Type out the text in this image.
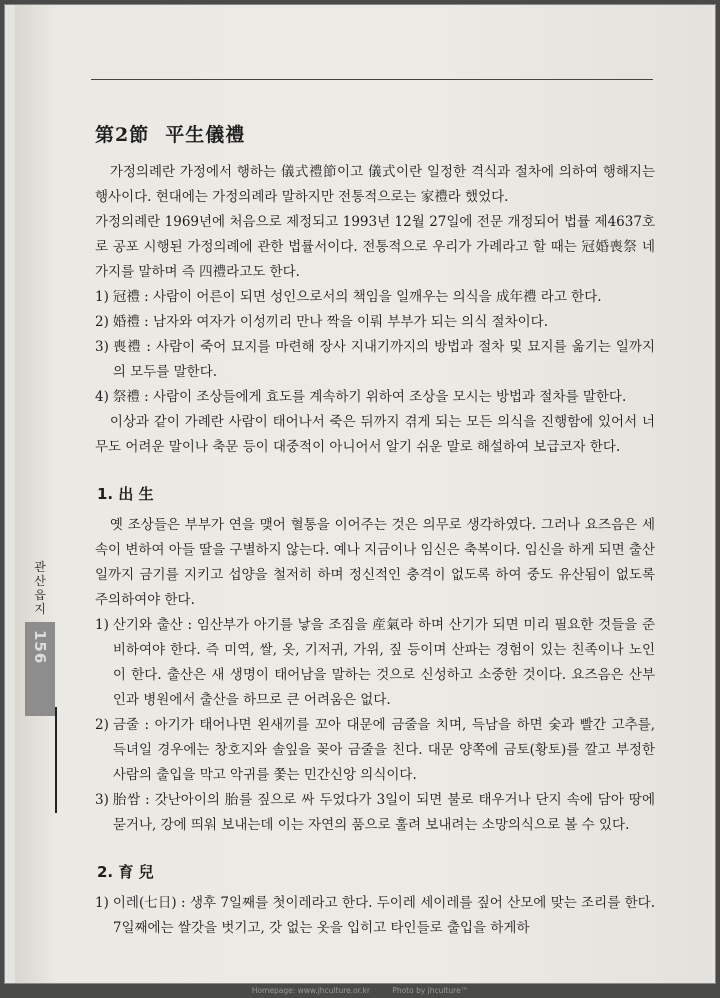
第2節 平生儀禮

가정의례란 가정에서 행하는 儀式禮節이고 儀式이란 일정한 격식과 절차에 의하여 행해지는 행사이다. 현대에는 가정의례라 말하지만 전통적으로는 家禮라 했었다.

가정의례란 1969년에 처음으로 제정되고 1993년 12월 27일에 전문 개정되어 법률 제4637호로 공포 시행된 가정의례에 관한 법률서이다. 전통적으로 우리가 가례라고 할 때는 冠婚喪祭 네 가지를 말하며 즉 四禮라고도 한다.

1) 冠禮 : 사람이 어른이 되면 성인으로서의 책임을 일깨우는 의식을 成年禮 라고 한다.
2) 婚禮 : 남자와 여자가 이성끼리 만나 짝을 이뤄 부부가 되는 의식 절차이다.
3) 喪禮 : 사람이 죽어 묘지를 마련해 장사 지내기까지의 방법과 절차 및 묘지를 옮기는 일까지의 모두를 말한다.
4) 祭禮 : 사람이 조상들에게 효도를 계속하기 위하여 조상을 모시는 방법과 절차를 말한다.

이상과 같이 가례란 사람이 태어나서 죽은 뒤까지 겪게 되는 모든 의식을 진행함에 있어서 너무도 어려운 말이나 축문 등이 대중적이 아니어서 알기 쉬운 말로 해설하여 보급코자 한다.

1. 出 生

옛 조상들은 부부가 연을 맺어 혈통을 이어주는 것은 의무로 생각하였다. 그러나 요즈음은 세속이 변하여 아들 딸을 구별하지 않는다. 예나 지금이나 임신은 축복이다. 임신을 하게 되면 출산일까지 금기를 지키고 섭양을 철저히 하며 정신적인 충격이 없도록 하여 중도 유산됨이 없도록 주의하여야 한다.

1) 산기와 출산 : 임산부가 아기를 낳을 조짐을 産氣라 하며 산기가 되면 미리 필요한 것들을 준비하여야 한다. 즉 미역, 쌀, 옷, 기저귀, 가위, 짚 등이며 산파는 경험이 있는 친족이나 노인이 한다. 출산은 새 생명이 태어남을 말하는 것으로 신성하고 소중한 것이다. 요즈음은 산부인과 병원에서 출산을 하므로 큰 어려움은 없다.
2) 금줄 : 아기가 태어나면 왼새끼를 꼬아 대문에 금줄을 치며, 득남을 하면 숯과 빨간 고추를, 득녀일 경우에는 창호지와 솔잎을 꽂아 금줄을 친다. 대문 양쪽에 금토(황토)를 깔고 부정한 사람의 출입을 막고 악귀를 쫓는 민간신앙 의식이다.
3) 胎쌈 : 갓난아이의 胎를 짚으로 싸 두었다가 3일이 되면 불로 태우거나 단지 속에 담아 땅에 묻거나, 강에 띄워 보내는데 이는 자연의 품으로 훌려 보내려는 소망의식으로 볼 수 있다.
2. 育 兒
1) 이레(七日) : 생후 7일째를 첫이레라고 한다. 두이레 세이레를 짚어 산모에 맞는 조리를 한다. 7일째에는 쌀갓을 벗기고, 갓 없는 옷을 입히고 타인들로 출입을 하게하
관산읍지
156
Homepage: www.jhculture.or.kr	Photo by jhculture™
